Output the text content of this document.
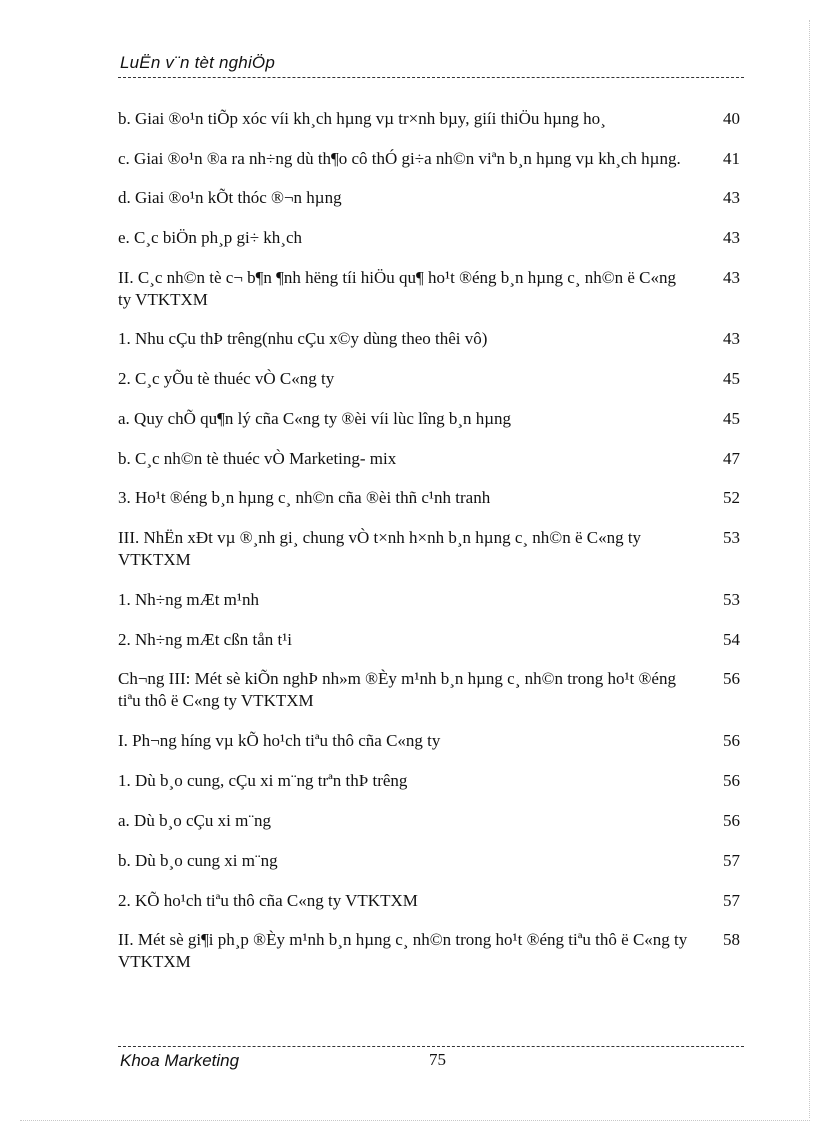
LuËn v¨n tèt nghiÖp
b. Giai ®o¹n tiÕp xóc víi kh¸ch hµng vµ tr×nh bµy, giíi thiÖu hµng ho¸	40
c. Giai ®o¹n ®a ra nh÷ng dù th¶o cô thÓ gi÷a nh©n viªn b¸n hµng vµ kh¸ch hµng.	41
d. Giai ®o¹n kÕt thóc ®¬n hµng	43
e. C¸c biÖn ph¸p gi÷ kh¸ch	43
II. C¸c nh©n tè c¬ b¶n ¶nh hëng tíi hiÖu qu¶ ho¹t ®éng b¸n hµng c¸ nh©n ë C«ng ty VTKTXM
43
1. Nhu cÇu thÞ trêng(nhu cÇu x©y dùng theo thêi vô)	43
2. C¸c yÕu tè thuéc vÒ C«ng ty	45
a. Quy chÕ qu¶n lý cña C«ng ty ®èi víi lùc lîng b¸n hµng	45
b. C¸c nh©n tè thuéc vÒ Marketing- mix	47
3. Ho¹t ®éng b¸n hµng c¸ nh©n cña ®èi thñ c¹nh tranh	52
III. NhËn xÐt vµ ®¸nh gi¸ chung vÒ t×nh h×nh b¸n hµng c¸ nh©n ë C«ng ty VTKTXM
53
1. Nh÷ng mÆt m¹nh	53
2. Nh÷ng mÆt cßn tån t¹i	54
Ch¬ng III: Mét sè kiÕn nghÞ nh»m ®Èy m¹nh b¸n hµng c¸ nh©n trong ho¹t ®éng tiªu thô ë C«ng ty VTKTXM
56
I. Ph¬ng híng vµ kÕ ho¹ch tiªu thô cña C«ng ty	56
1. Dù b¸o cung, cÇu xi m¨ng trªn thÞ trêng	56
a. Dù b¸o cÇu xi m¨ng	56
b. Dù b¸o cung xi m¨ng	57
2. KÕ ho¹ch tiªu thô cña C«ng ty VTKTXM	57
II. Mét sè gi¶i ph¸p ®Èy m¹nh b¸n hµng c¸ nh©n trong ho¹t ®éng tiªu thô ë C«ng ty VTKTXM
58
Khoa Marketing	75
